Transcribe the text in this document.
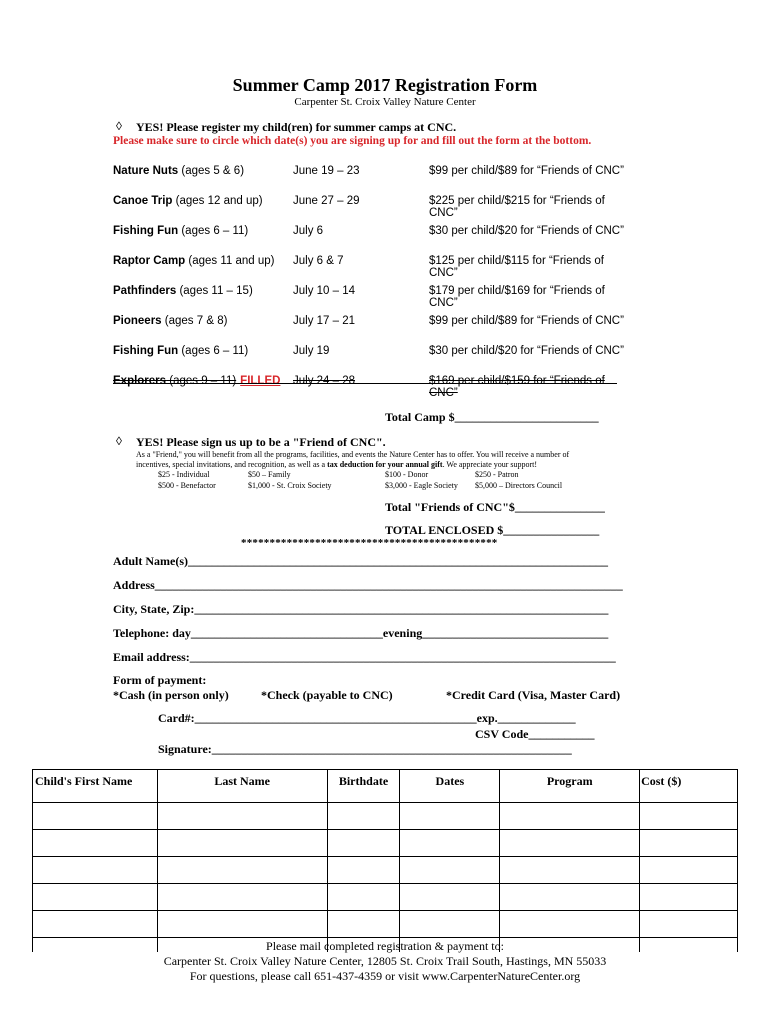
Summer Camp 2017 Registration Form
Carpenter St. Croix Valley Nature Center
◊ YES! Please register my child(ren) for summer camps at CNC.
Please make sure to circle which date(s) you are signing up for and fill out the form at the bottom.
Nature Nuts (ages 5 & 6)	June 19 – 23	$99 per child/$89 for “Friends of CNC”
Canoe Trip (ages 12 and up)	June 27 – 29	$225 per child/$215 for “Friends of CNC”
Fishing Fun (ages 6 – 11)	July 6	$30 per child/$20 for “Friends of CNC”
Raptor Camp (ages 11 and up) July 6 & 7	$125 per child/$115 for “Friends of CNC”
Pathfinders (ages 11 – 15)	July 10 – 14	$179 per child/$169 for “Friends of CNC”
Pioneers (ages 7 & 8)	July 17 – 21	$99 per child/$89 for “Friends of CNC”
Fishing Fun (ages 6 – 11)	July 19	$30 per child/$20 for “Friends of CNC”
Explorers (ages 9 – 11) FILLED July 24 – 28	$169 per child/$159 for “Friends of CNC”
Total Camp $________________________
◊ YES! Please sign us up to be a "Friend of CNC".
As a "Friend," you will benefit from all the programs, facilities, and events the Nature Center has to offer. You will receive a number of
incentives, special invitations, and recognition, as well as a tax deduction for your annual gift. We appreciate your support!
$25 - Individual	$50 – Family	$100 - Donor	$250 - Patron
$500 - Benefactor	$1,000 - St. Croix Society	$3,000 - Eagle Society $5,000 – Directors Council
Total "Friends of CNC"$_______________
TOTAL ENCLOSED $________________
*********************************************
Adult Name(s)______________________________________________________________________
Address______________________________________________________________________________
City, State, Zip:_____________________________________________________________________
Telephone: day________________________________evening_______________________________
Email address:_______________________________________________________________________
Form of payment:
*Cash (in person only)	*Check (payable to CNC)	*Credit Card (Visa, Master Card)
Card#:_______________________________________________exp._____________
CSV Code___________
Signature:____________________________________________________________
Child's First Name	Last Name	Birthdate	Dates	Program	Cost ($)

Please mail completed registration & payment to:
Carpenter St. Croix Valley Nature Center, 12805 St. Croix Trail South, Hastings, MN 55033
For questions, please call 651-437-4359 or visit www.CarpenterNatureCenter.org
